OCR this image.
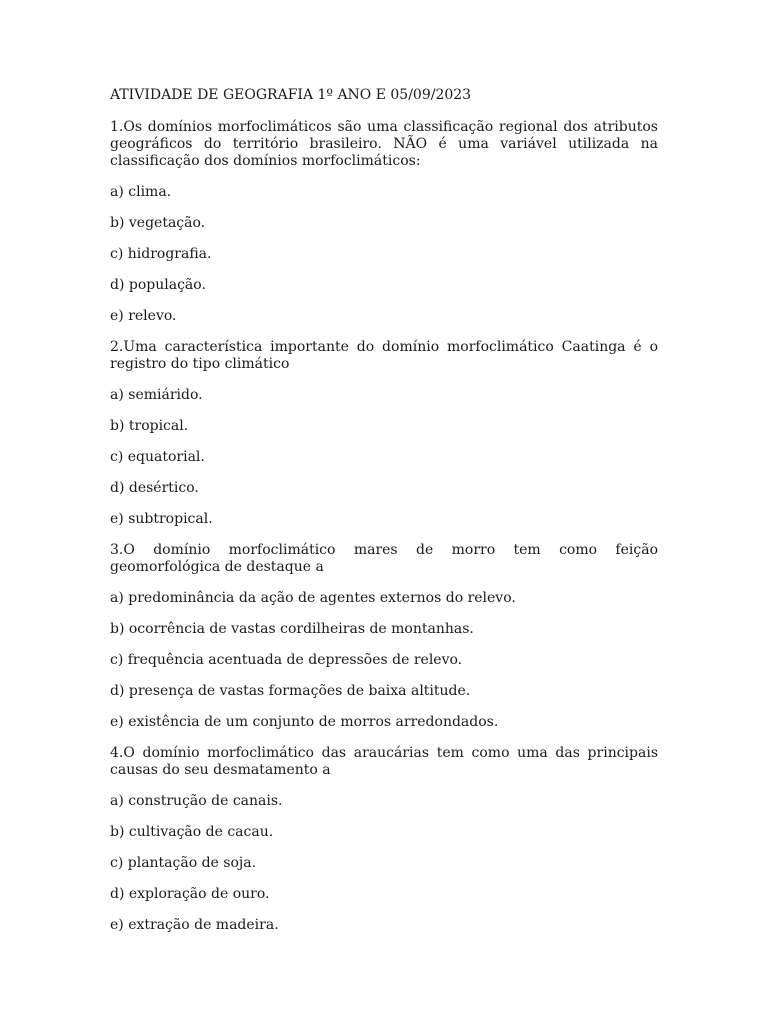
ATIVIDADE DE GEOGRAFIA 1º ANO E 05/09/2023
1.Os domínios morfoclimáticos são uma classificação regional dos atributos geográficos do território brasileiro. NÃO é uma variável utilizada na classificação dos domínios morfoclimáticos:
a) clima.
b) vegetação.
c) hidrografia.
d) população.
e) relevo.
2.Uma característica importante do domínio morfoclimático Caatinga é o registro do tipo climático
a) semiárido.
b) tropical.
c) equatorial.
d) desértico.
e) subtropical.
3.O domínio morfoclimático mares de morro tem como feição geomorfológica de destaque a
a) predominância da ação de agentes externos do relevo.
b) ocorrência de vastas cordilheiras de montanhas.
c) frequência acentuada de depressões de relevo.
d) presença de vastas formações de baixa altitude.
e) existência de um conjunto de morros arredondados.
4.O domínio morfoclimático das araucárias tem como uma das principais causas do seu desmatamento a
a) construção de canais.
b) cultivação de cacau.
c) plantação de soja.
d) exploração de ouro.
e) extração de madeira.
